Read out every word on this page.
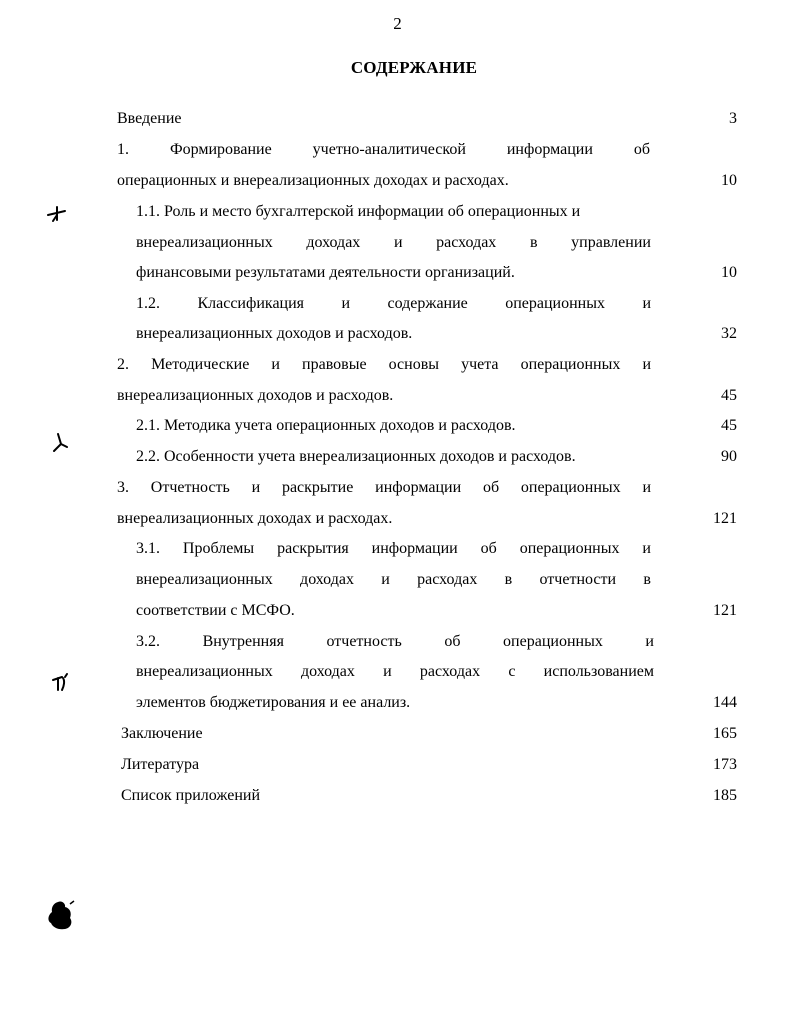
2
СОДЕРЖАНИЕ
Введение	3
1.	Формирование	учетно-аналитической	информации	об
операционных и внереализационных доходах и расходах.	10
1.1. Роль и место бухгалтерской информации об операционных и
внереализационных доходах и расходах в управлении
финансовыми результатами деятельности организаций.	10
1.2. Классификация и содержание операционных и
внереализационных доходов и расходов.	32
2. Методические и правовые основы учета операционных и
внереализационных доходов и расходов.	45
2.1. Методика учета операционных доходов и расходов.	45
2.2. Особенности учета внереализационных доходов и расходов.	90
3. Отчетность и раскрытие информации об операционных и
внереализационных доходах и расходах.	121
3.1. Проблемы раскрытия информации об операционных и
внереализационных доходах и расходах в отчетности в
соответствии с МСФО.	121
3.2.	Внутренняя	отчетность	об	операционных	и
внереализационных доходах и расходах с использованием
элементов бюджетирования и ее анализ.	144
Заключение	165
Литература	173
Список приложений	185
